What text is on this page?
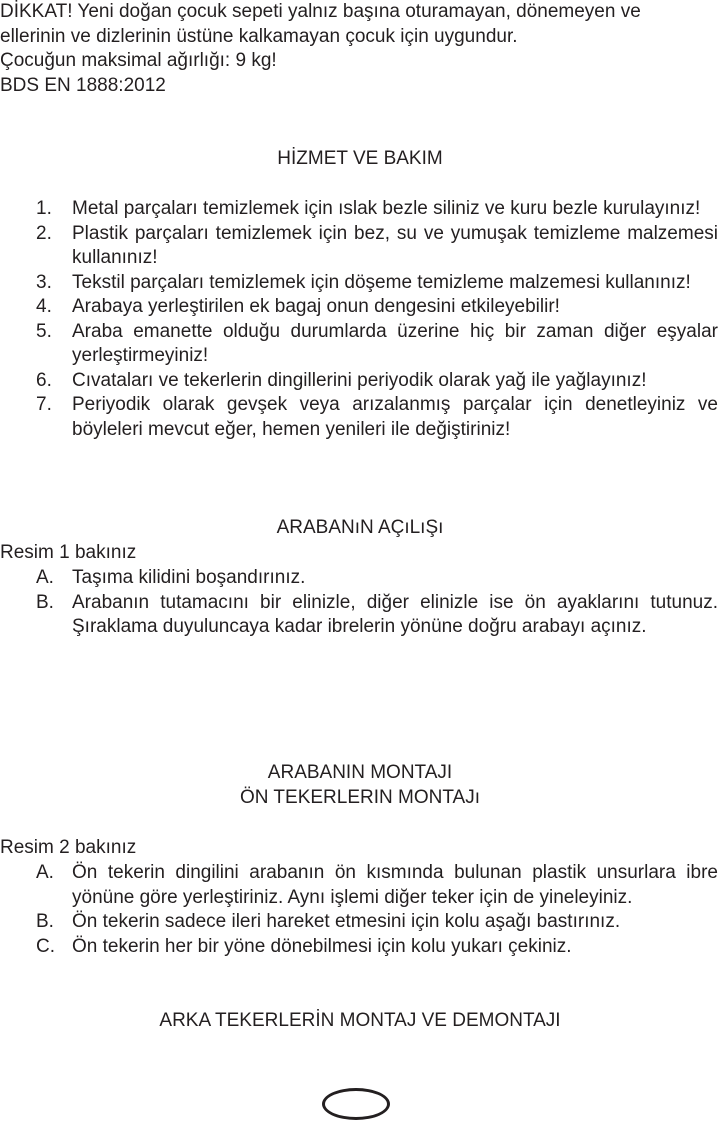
DİKKAT! Yeni doğan çocuk sepeti yalnız başına oturamayan, dönemeyen ve
ellerinin ve dizlerinin üstüne kalkamayan çocuk için uygundur.
Çocuğun maksimal ağırlığı: 9 kg!
BDS EN 1888:2012
HİZMET VE BAKIM
1. Metal parçaları temizlemek için ıslak bezle siliniz ve kuru bezle kurulayınız!
2. Plastik parçaları temizlemek için bez, su ve yumuşak temizleme malzemesi kullanınız!
3. Tekstil parçaları temizlemek için döşeme temizleme malzemesi kullanınız!
4. Arabaya yerleştirilen ek bagaj onun dengesini etkileyebilir!
5. Araba emanette olduğu durumlarda üzerine hiç bir zaman diğer eşyalar yerleştirmeyiniz!
6. Cıvataları ve tekerlerin dingillerini periyodik olarak yağ ile yağlayınız!
7. Periyodik olarak gevşek veya arızalanmış parçalar için denetleyiniz ve böyleleri mevcut eğer, hemen yenileri ile değiştiriniz!
ARABANıN AÇıLıŞı
Resim 1 bakınız
A. Taşıma kilidini boşandırınız.
B. Arabanın tutamacını bir elinizle, diğer elinizle ise ön ayaklarını tutunuz. Şıraklama duyuluncaya kadar ibrelerin yönüne doğru arabayı açınız.
ARABANIN MONTAJI
ÖN TEKERLERIN MONTAJı
Resim 2 bakınız
A. Ön tekerin dingilini arabanın ön kısmında bulunan plastik unsurlara ibre yönüne göre yerleştiriniz. Aynı işlemi diğer teker için de yineleyiniz.
B. Ön tekerin sadece ileri hareket etmesini için kolu aşağı bastırınız.
C. Ön tekerin her bir yöne dönebilmesi için kolu yukarı çekiniz.
ARKA TEKERLERİN MONTAJ VE DEMONTAJI
